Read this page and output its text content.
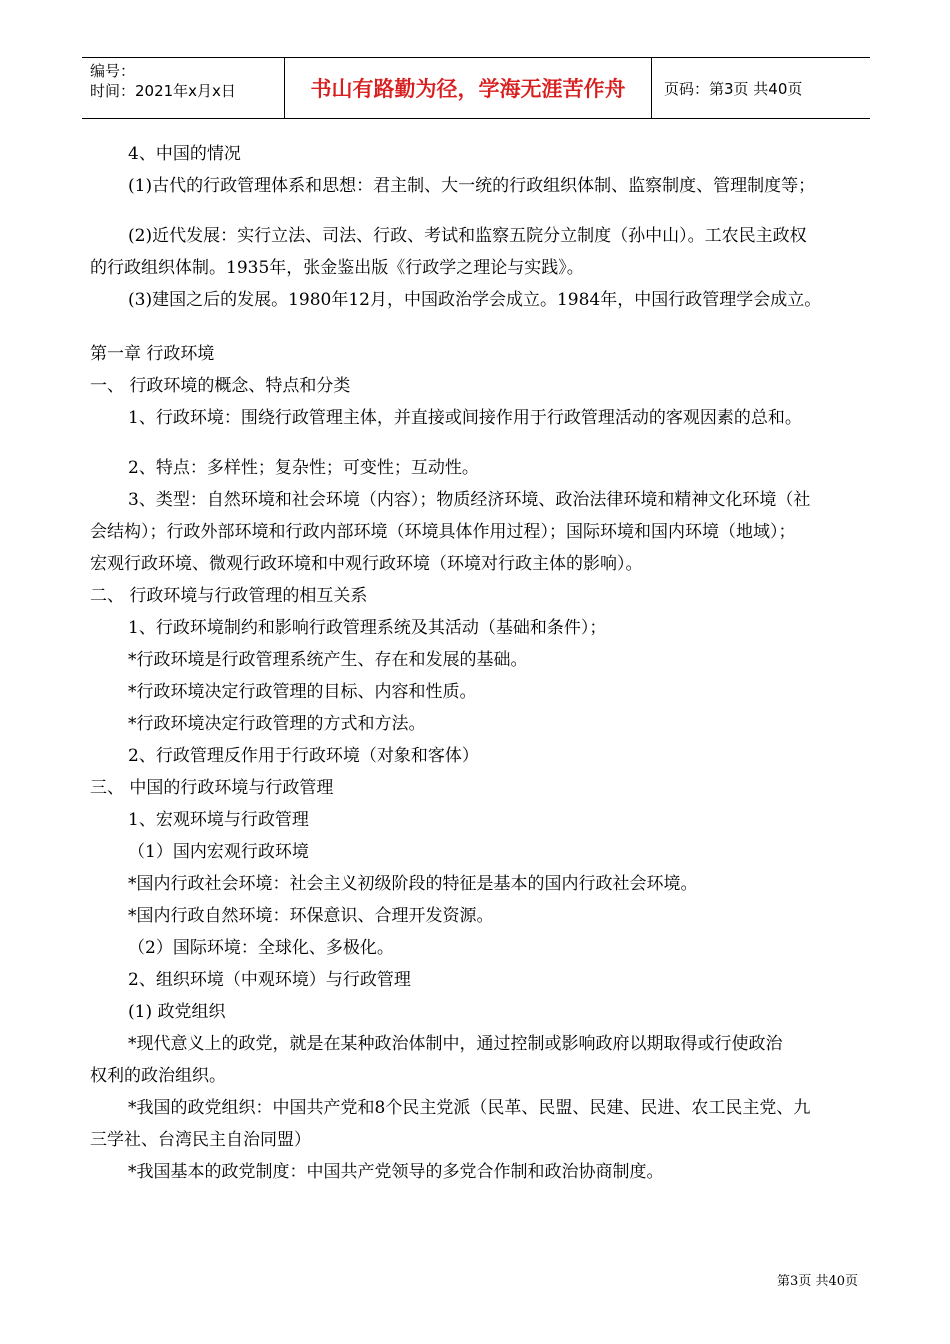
编号：
时间：2021年x月x日	书山有路勤为径，学海无涯苦作舟	页码：第3页 共40页
4、中国的情况
(1)古代的行政管理体系和思想：君主制、大一统的行政组织体制、监察制度、管理制度等；
(2)近代发展：实行立法、司法、行政、考试和监察五院分立制度（孙中山）。工农民主政权
的行政组织体制。1935年，张金鉴出版《行政学之理论与实践》。
(3)建国之后的发展。1980年12月，中国政治学会成立。1984年，中国行政管理学会成立。
第一章 行政环境
一、 行政环境的概念、特点和分类
1、行政环境：围绕行政管理主体，并直接或间接作用于行政管理活动的客观因素的总和。
2、特点：多样性；复杂性；可变性；互动性。
3、类型：自然环境和社会环境（内容）；物质经济环境、政治法律环境和精神文化环境（社
会结构）；行政外部环境和行政内部环境（环境具体作用过程）；国际环境和国内环境（地域）；
宏观行政环境、微观行政环境和中观行政环境（环境对行政主体的影响）。
二、 行政环境与行政管理的相互关系
1、行政环境制约和影响行政管理系统及其活动（基础和条件）；
*行政环境是行政管理系统产生、存在和发展的基础。
*行政环境决定行政管理的目标、内容和性质。
*行政环境决定行政管理的方式和方法。
2、行政管理反作用于行政环境（对象和客体）
三、 中国的行政环境与行政管理
1、宏观环境与行政管理
（1）国内宏观行政环境
*国内行政社会环境：社会主义初级阶段的特征是基本的国内行政社会环境。
*国内行政自然环境：环保意识、合理开发资源。
（2）国际环境：全球化、多极化。
2、组织环境（中观环境）与行政管理
(1) 政党组织
*现代意义上的政党，就是在某种政治体制中，通过控制或影响政府以期取得或行使政治
权利的政治组织。
*我国的政党组织：中国共产党和8个民主党派（民革、民盟、民建、民进、农工民主党、九
三学社、台湾民主自治同盟）
*我国基本的政党制度：中国共产党领导的多党合作制和政治协商制度。
第3页 共40页
